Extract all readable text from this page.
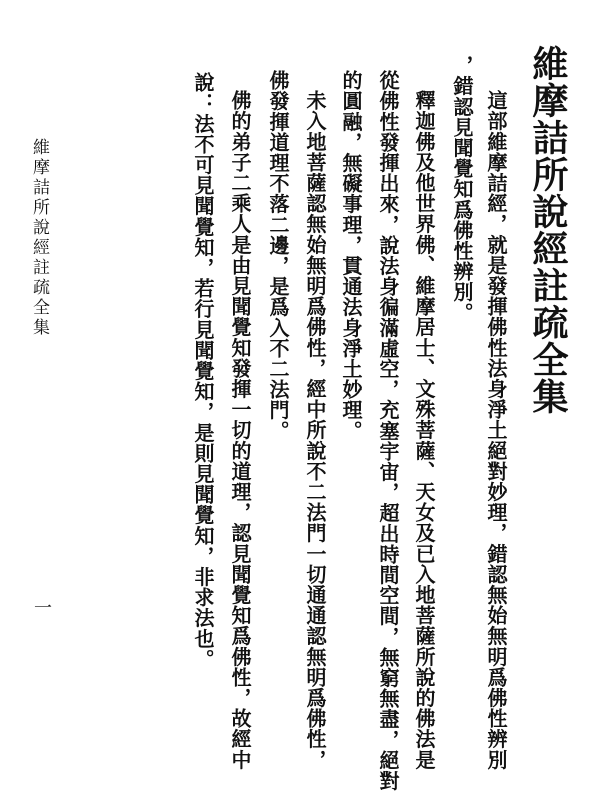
維摩詰所說經註疏全集
這部維摩詰經，就是發揮佛性法身淨土絕對妙理，錯認無始無明爲佛性辨別
，錯認見聞覺知爲佛性辨別。
釋迦佛及他世界佛、維摩居士、文殊菩薩、天女及已入地菩薩所說的佛法是
從佛性發揮出來，說法身徧滿虛空，充塞宇宙，超出時間空間，無窮無盡，絕對
的圓融，無礙事理，貫通法身淨土妙理。
未入地菩薩認無始無明爲佛性，經中所說不二法門一切通通認無明爲佛性，
佛發揮道理不落二邊，是爲入不二法門。
佛的弟子二乘人是由見聞覺知發揮一切的道理，認見聞覺知爲佛性，故經中
說：法不可見聞覺知，若行見聞覺知，是則見聞覺知，非求法也。
維摩詰所說經註疏全集
一
